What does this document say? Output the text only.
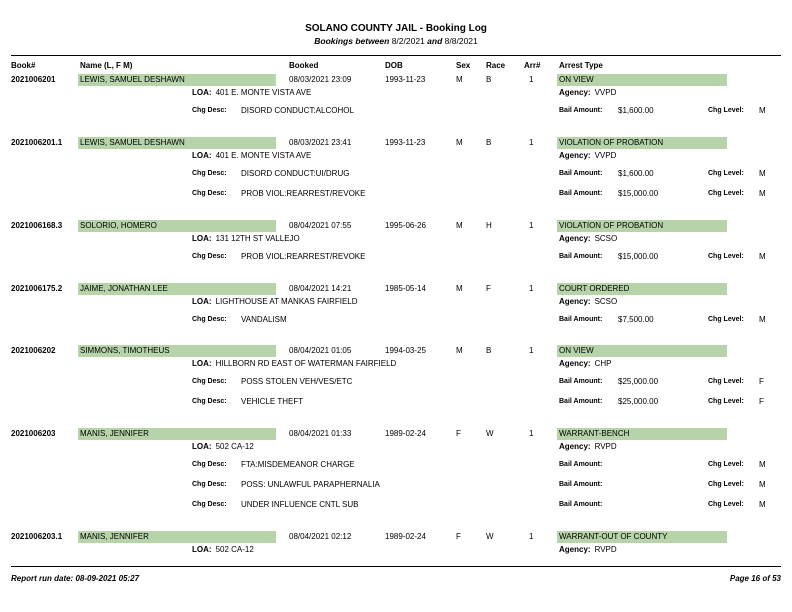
SOLANO COUNTY JAIL - Booking Log
Bookings between 8/2/2021 and 8/8/2021
Book#	Name (L, F M)	Booked	DOB	Sex Race Arr# Arrest Type
2021006201	LEWIS, SAMUEL DESHAWN	08/03/2021 23:09	1993-11-23	M	B	1	ON VIEW
LOA: 401 E. MONTE VISTA AVE	Agency: VVPD
Chg Desc: DISORD CONDUCT:ALCOHOL	Bail Amount: $1,600.00	Chg Level: M
2021006201.1 LEWIS, SAMUEL DESHAWN	08/03/2021 23:41	1993-11-23	M	B	1	VIOLATION OF PROBATION
LOA: 401 E. MONTE VISTA AVE	Agency: VVPD
Chg Desc: DISORD CONDUCT:UI/DRUG	Bail Amount: $1,600.00	Chg Level: M
Chg Desc: PROB VIOL:REARREST/REVOKE	Bail Amount: $15,000.00	Chg Level: M
2021006168.3 SOLORIO, HOMERO	08/04/2021 07:55	1995-06-26	M	H	1	VIOLATION OF PROBATION
LOA: 131 12TH ST VALLEJO	Agency: SCSO
Chg Desc: PROB VIOL:REARREST/REVOKE	Bail Amount: $15,000.00	Chg Level: M
2021006175.2 JAIME, JONATHAN LEE	08/04/2021 14:21	1985-05-14	M	F	1	COURT ORDERED
LOA: LIGHTHOUSE AT MANKAS FAIRFIELD	Agency: SCSO
Chg Desc: VANDALISM	Bail Amount: $7,500.00	Chg Level: M
2021006202	SIMMONS, TIMOTHEUS	08/04/2021 01:05	1994-03-25	M	B	1	ON VIEW
LOA: HILLBORN RD EAST OF WATERMAN FAIRFIELD	Agency: CHP
Chg Desc: POSS STOLEN VEH/VES/ETC	Bail Amount: $25,000.00	Chg Level: F
Chg Desc: VEHICLE THEFT	Bail Amount: $25,000.00	Chg Level: F
2021006203	MANIS, JENNIFER	08/04/2021 01:33	1989-02-24	F	W	1	WARRANT-BENCH
LOA: 502 CA-12	Agency: RVPD
Chg Desc: FTA:MISDEMEANOR CHARGE	Bail Amount:	Chg Level: M
Chg Desc: POSS: UNLAWFUL PARAPHERNALIA	Bail Amount:	Chg Level: M
Chg Desc: UNDER INFLUENCE CNTL SUB	Bail Amount:	Chg Level: M
2021006203.1 MANIS, JENNIFER	08/04/2021 02:12	1989-02-24	F	W	1	WARRANT-OUT OF COUNTY
LOA: 502 CA-12	Agency: RVPD
Report run date: 08-09-2021 05:27	Page 16 of 53
